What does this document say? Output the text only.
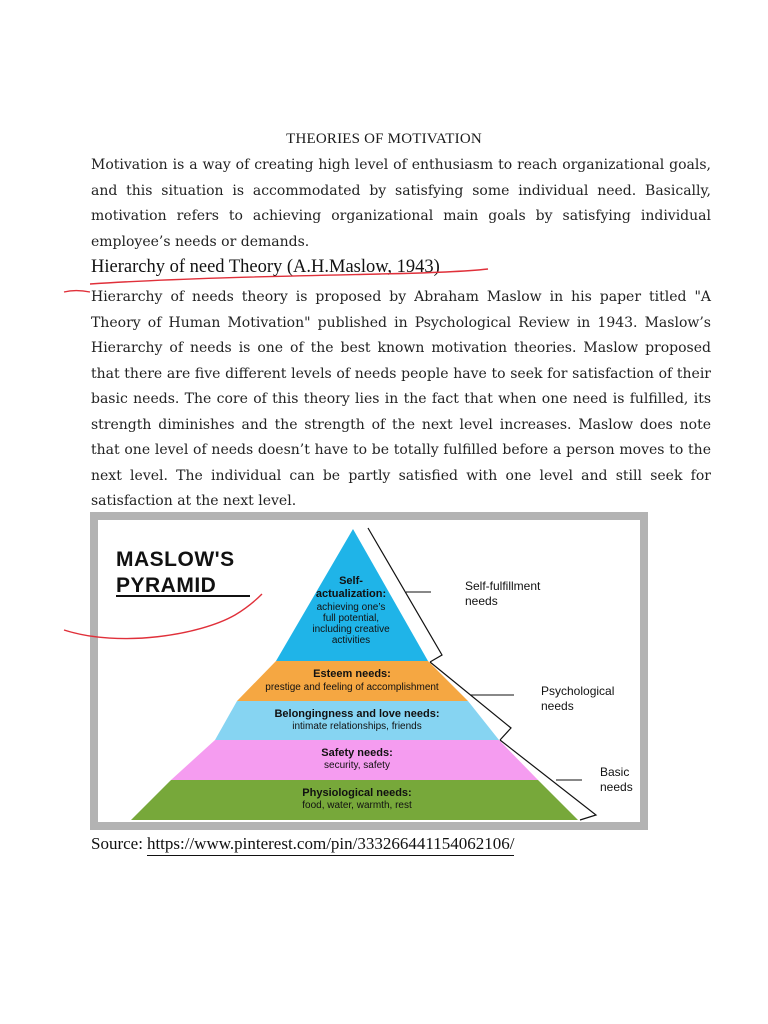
THEORIES OF MOTIVATION
Motivation is a way of creating high level of enthusiasm to reach organizational goals, and this situation is accommodated by satisfying some individual need. Basically, motivation refers to achieving organizational main goals by satisfying individual employee’s needs or demands.
Hierarchy of need Theory (A.H.Maslow, 1943)
Hierarchy of needs theory is proposed by Abraham Maslow in his paper titled "A Theory of Human Motivation" published in Psychological Review in 1943. Maslow’s Hierarchy of needs is one of the best known motivation theories. Maslow proposed that there are five different levels of needs people have to seek for satisfaction of their basic needs. The core of this theory lies in the fact that when one need is fulfilled, its strength diminishes and the strength of the next level increases. Maslow does note that one level of needs doesn’t have to be totally fulfilled before a person moves to the next level. The individual can be partly satisfied with one level and still seek for satisfaction at the next level.
MASLOW'S
PYRAMID	Self-
actualization:
achieving one’s
full potential,
including creative
activities
Esteem needs:
prestige and feeling of accomplishment
Belongingness and love needs:
intimate relationships, friends
Safety needs:
security, safety
Physiological needs:
food, water, warmth, rest
Self-fulfillment
needs
Psychological
needs
Basic
needs
Source: https://www.pinterest.com/pin/333266441154062106/
